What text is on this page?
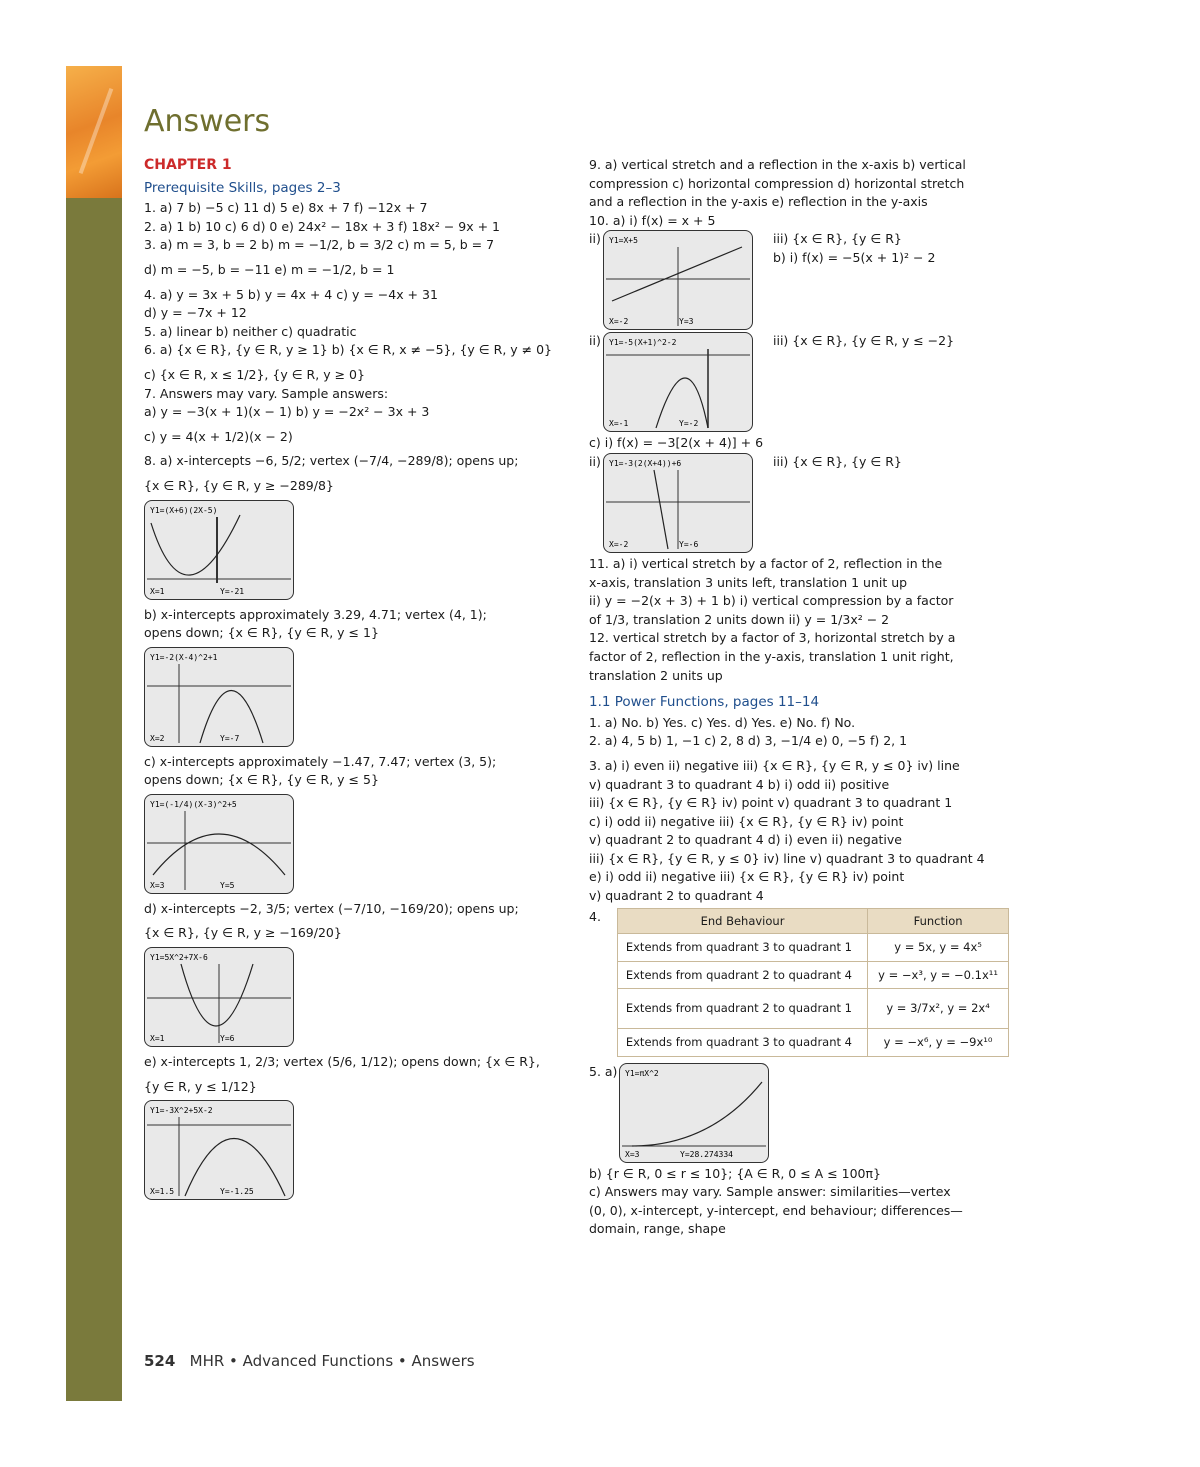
Answers
CHAPTER 1
Prerequisite Skills, pages 2–3
1. a) 7 b) −5 c) 11 d) 5 e) 8x + 7 f) −12x + 7
2. a) 1 b) 10 c) 6 d) 0 e) 24x² − 18x + 3 f) 18x² − 9x + 1
3. a) m = 3, b = 2 b) m = −1/2, b = 3/2 c) m = 5, b = 7
d) m = −5, b = −11 e) m = −1/2, b = 1
4. a) y = 3x + 5 b) y = 4x + 4 c) y = −4x + 31
d) y = −7x + 12
5. a) linear b) neither c) quadratic
6. a) {x ∈ R}, {y ∈ R, y ≥ 1} b) {x ∈ R, x ≠ −5}, {y ∈ R, y ≠ 0}
c) {x ∈ R, x ≤ 1/2}, {y ∈ R, y ≥ 0}
7. Answers may vary. Sample answers:
a) y = −3(x + 1)(x − 1) b) y = −2x² − 3x + 3
c) y = 4(x + 1/2)(x − 2)
8. a) x-intercepts −6, 5/2; vertex (−7/4, −289/8); opens up;
{x ∈ R}, {y ∈ R, y ≥ −289/8}
Y1=(X+6)(2X-5)
X=1	Y=-21
b) x-intercepts approximately 3.29, 4.71; vertex (4, 1);
opens down; {x ∈ R}, {y ∈ R, y ≤ 1}
Y1=-2(X-4)^2+1
X=2	Y=-7
c) x-intercepts approximately −1.47, 7.47; vertex (3, 5);
opens down; {x ∈ R}, {y ∈ R, y ≤ 5}
Y1=(-1/4)(X-3)^2+5
X=3	Y=5
d) x-intercepts −2, 3/5; vertex (−7/10, −169/20); opens up;
{x ∈ R}, {y ∈ R, y ≥ −169/20}
Y1=5X^2+7X-6
X=1	Y=6
e) x-intercepts 1, 2/3; vertex (5/6, 1/12); opens down; {x ∈ R},
{y ∈ R, y ≤ 1/12}
Y1=-3X^2+5X-2
X=1.5	Y=-1.25
9. a) vertical stretch and a reflection in the x-axis b) vertical
compression c) horizontal compression d) horizontal stretch
and a reflection in the y-axis e) reflection in the y-axis
10. a) i) f(x) = x + 5
ii) Y1=X+5
X=-2	Y=3
iii) {x ∈ R}, {y ∈ R}
b) i) f(x) = −5(x + 1)² − 2
ii) Y1=-5(X+1)^2-2
X=-1	Y=-2
iii) {x ∈ R}, {y ∈ R, y ≤ −2}
c) i) f(x) = −3[2(x + 4)] + 6
ii) Y1=-3(2(X+4))+6
X=-2	Y=-6
iii) {x ∈ R}, {y ∈ R}
11. a) i) vertical stretch by a factor of 2, reflection in the
x-axis, translation 3 units left, translation 1 unit up
ii) y = −2(x + 3) + 1 b) i) vertical compression by a factor
of 1/3, translation 2 units down ii) y = 1/3x² − 2
12. vertical stretch by a factor of 3, horizontal stretch by a
factor of 2, reflection in the y-axis, translation 1 unit right,
translation 2 units up
1.1 Power Functions, pages 11–14
1. a) No. b) Yes. c) Yes. d) Yes. e) No. f) No.
2. a) 4, 5 b) 1, −1 c) 2, 8 d) 3, −1/4 e) 0, −5 f) 2, 1
3. a) i) even ii) negative iii) {x ∈ R}, {y ∈ R, y ≤ 0} iv) line
v) quadrant 3 to quadrant 4 b) i) odd ii) positive
iii) {x ∈ R}, {y ∈ R} iv) point v) quadrant 3 to quadrant 1
c) i) odd ii) negative iii) {x ∈ R}, {y ∈ R} iv) point
v) quadrant 2 to quadrant 4 d) i) even ii) negative
iii) {x ∈ R}, {y ∈ R, y ≤ 0} iv) line v) quadrant 3 to quadrant 4
e) i) odd ii) negative iii) {x ∈ R}, {y ∈ R} iv) point
v) quadrant 2 to quadrant 4
4.	End Behaviour	Function
Extends from quadrant 3 to quadrant 1	y = 5x, y = 4x⁵
Extends from quadrant 2 to quadrant 4	y = −x³, y = −0.1x¹¹
Extends from quadrant 2 to quadrant 1	y = 3/7x², y = 2x⁴
Extends from quadrant 3 to quadrant 4	y = −x⁶, y = −9x¹⁰
5. a) Y1=πX^2
X=3	Y=28.274334
b) {r ∈ R, 0 ≤ r ≤ 10}; {A ∈ R, 0 ≤ A ≤ 100π}
c) Answers may vary. Sample answer: similarities—vertex
(0, 0), x-intercept, y-intercept, end behaviour; differences—
domain, range, shape
524 MHR • Advanced Functions • Answers
